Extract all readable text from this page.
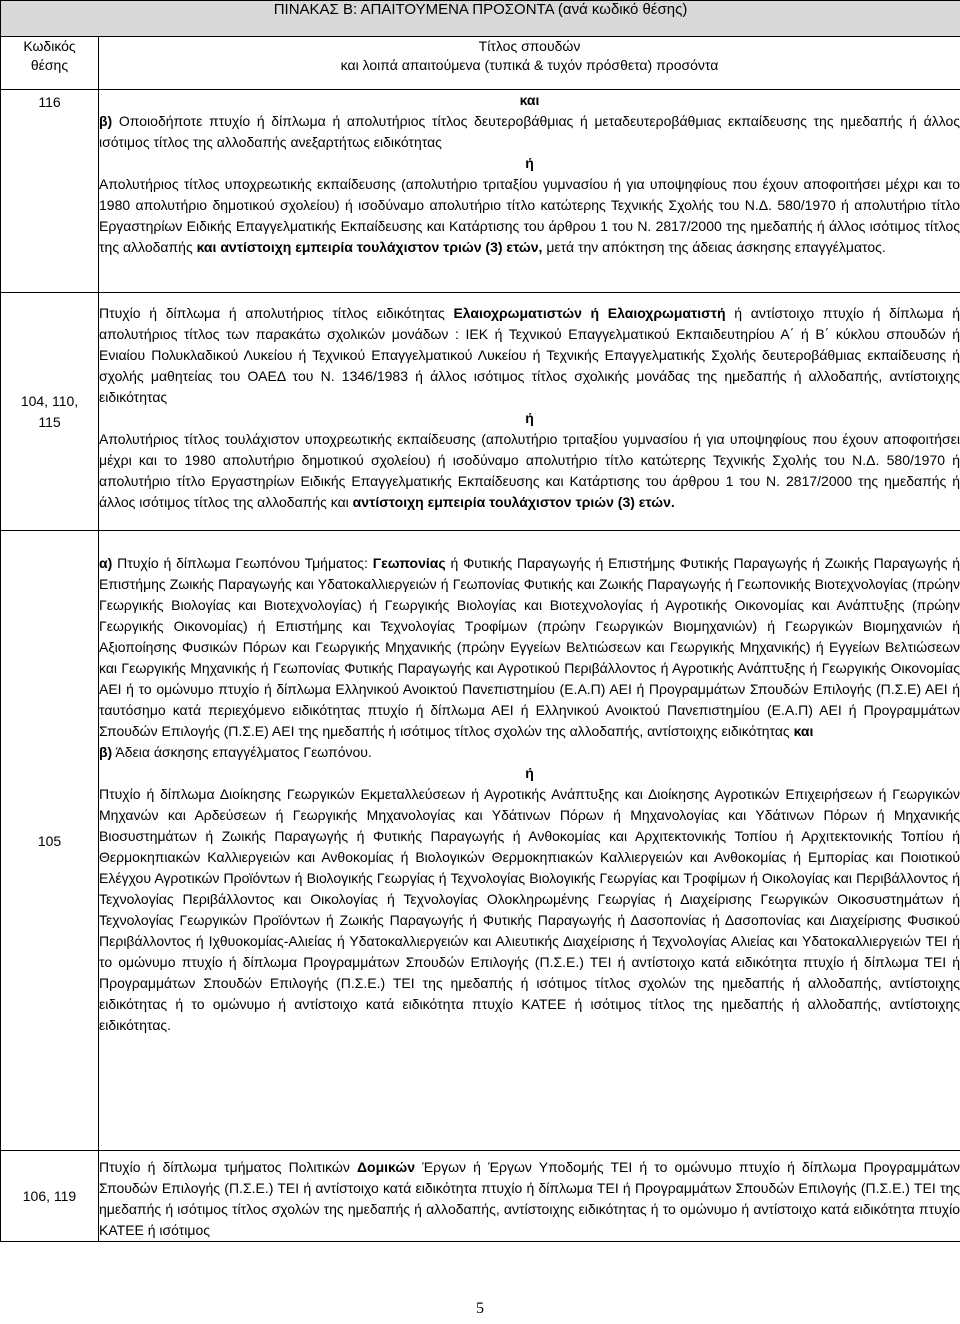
ΠΙΝΑΚΑΣ Β: ΑΠΑΙΤΟΥΜΕΝΑ ΠΡΟΣΟΝΤΑ (ανά κωδικό θέσης)	
Κωδικός
θέσης	Τίτλος σπουδών
και λοιπά απαιτούμενα (τυπικά & τυχόν πρόσθετα) προσόντα
116	και

β) Οποιοδήποτε πτυχίο ή δίπλωμα ή απολυτήριος τίτλος δευτεροβάθμιας ή μεταδευτεροβάθμιας εκπαίδευσης της ημεδαπής ή άλλος ισότιμος τίτλος της αλλοδαπής ανεξαρτήτως ειδικότητας

ή

Απολυτήριος τίτλος υποχρεωτικής εκπαίδευσης (απολυτήριο τριταξίου γυμνασίου ή για υποψηφίους που έχουν αποφοιτήσει μέχρι και το 1980 απολυτήριο δημοτικού σχολείου) ή ισοδύναμο απολυτήριο τίτλο κατώτερης Τεχνικής Σχολής του Ν.Δ. 580/1970 ή απολυτήριο τίτλο Εργαστηρίων Ειδικής Επαγγελματικής Εκπαίδευσης και Κατάρτισης του άρθρου 1 του Ν. 2817/2000 της ημεδαπής ή άλλος ισότιμος τίτλος της αλλοδαπής και αντίστοιχη εμπειρία τουλάχιστον τριών (3) ετών, μετά την απόκτηση της άδειας άσκησης επαγγέλματος.

104, 110, 115	Πτυχίο ή δίπλωμα ή απολυτήριος τίτλος ειδικότητας Ελαιοχρωματιστών ή Ελαιοχρωματιστή ή αντίστοιχο πτυχίο ή δίπλωμα ή απολυτήριος τίτλος των παρακάτω σχολικών μονάδων : ΙΕΚ ή Τεχνικού Επαγγελματικού Εκπαιδευτηρίου Α΄ ή Β΄ κύκλου σπουδών ή Ενιαίου Πολυκλαδικού Λυκείου ή Τεχνικού Επαγγελματικού Λυκείου ή Τεχνικής Επαγγελματικής Σχολής δευτεροβάθμιας εκπαίδευσης ή σχολής μαθητείας του ΟΑΕΔ του Ν. 1346/1983 ή άλλος ισότιμος τίτλος σχολικής μονάδας της ημεδαπής ή αλλοδαπής, αντίστοιχης ειδικότητας

ή

Απολυτήριος τίτλος τουλάχιστον υποχρεωτικής εκπαίδευσης (απολυτήριο τριταξίου γυμνασίου ή για υποψηφίους που έχουν αποφοιτήσει μέχρι και το 1980 απολυτήριο δημοτικού σχολείου) ή ισοδύναμο απολυτήριο τίτλο κατώτερης Τεχνικής Σχολής του Ν.Δ. 580/1970 ή απολυτήριο τίτλο Εργαστηρίων Ειδικής Επαγγελματικής Εκπαίδευσης και Κατάρτισης του άρθρου 1 του Ν. 2817/2000 της ημεδαπής ή άλλος ισότιμος τίτλος της αλλοδαπής και αντίστοιχη εμπειρία τουλάχιστον τριών (3) ετών.

105	α) Πτυχίο ή δίπλωμα Γεωπόνου Τμήματος: Γεωπονίας ή Φυτικής Παραγωγής ή Επιστήμης Φυτικής Παραγωγής ή Ζωικής Παραγωγής ή Επιστήμης Ζωικής Παραγωγής και Υδατοκαλλιεργειών ή Γεωπονίας Φυτικής και Ζωικής Παραγωγής ή Γεωπονικής Βιοτεχνολογίας (πρώην Γεωργικής Βιολογίας και Βιοτεχνολογίας) ή Γεωργικής Βιολογίας και Βιοτεχνολογίας ή Αγροτικής Οικονομίας και Ανάπτυξης (πρώην Γεωργικής Οικονομίας) ή Επιστήμης και Τεχνολογίας Τροφίμων (πρώην Γεωργικών Βιομηχανιών) ή Γεωργικών Βιομηχανιών ή Αξιοποίησης Φυσικών Πόρων και Γεωργικής Μηχανικής (πρώην Εγγείων Βελτιώσεων και Γεωργικής Μηχανικής) ή Εγγείων Βελτιώσεων και Γεωργικής Μηχανικής ή Γεωπονίας Φυτικής Παραγωγής και Αγροτικού Περιβάλλοντος ή Αγροτικής Ανάπτυξης ή Γεωργικής Οικονομίας ΑΕΙ ή το ομώνυμο πτυχίο ή δίπλωμα Ελληνικού Ανοικτού Πανεπιστημίου (Ε.Α.Π) ΑΕΙ ή Προγραμμάτων Σπουδών Επιλογής (Π.Σ.Ε) ΑΕΙ ή ταυτόσημο κατά περιεχόμενο ειδικότητας πτυχίο ή δίπλωμα ΑΕΙ ή Ελληνικού Ανοικτού Πανεπιστημίου (Ε.Α.Π) ΑΕΙ ή Προγραμμάτων Σπουδών Επιλογής (Π.Σ.Ε) ΑΕΙ της ημεδαπής ή ισότιμος τίτλος σχολών της αλλοδαπής, αντίστοιχης ειδικότητας και

β) Άδεια άσκησης επαγγέλματος Γεωπόνου.

ή

Πτυχίο ή δίπλωμα Διοίκησης Γεωργικών Εκμεταλλεύσεων ή Αγροτικής Ανάπτυξης και Διοίκησης Αγροτικών Επιχειρήσεων ή Γεωργικών Μηχανών και Αρδεύσεων ή Γεωργικής Μηχανολογίας και Υδάτινων Πόρων ή Μηχανολογίας και Υδάτινων Πόρων ή Μηχανικής Βιοσυστημάτων ή Ζωικής Παραγωγής ή Φυτικής Παραγωγής ή Ανθοκομίας και Αρχιτεκτονικής Τοπίου ή Αρχιτεκτονικής Τοπίου ή Θερμοκηπιακών Καλλιεργειών και Ανθοκομίας ή Βιολογικών Θερμοκηπιακών Καλλιεργειών και Ανθοκομίας ή Εμπορίας και Ποιοτικού Ελέγχου Αγροτικών Προϊόντων ή Βιολογικής Γεωργίας ή Τεχνολογίας Βιολογικής Γεωργίας και Τροφίμων ή Οικολογίας και Περιβάλλοντος ή Τεχνολογίας Περιβάλλοντος και Οικολογίας ή Τεχνολογίας Ολοκληρωμένης Γεωργίας ή Διαχείρισης Γεωργικών Οικοσυστημάτων ή Τεχνολογίας Γεωργικών Προϊόντων ή Ζωικής Παραγωγής ή Φυτικής Παραγωγής ή Δασοπονίας ή Δασοπονίας και Διαχείρισης Φυσικού Περιβάλλοντος ή Ιχθυοκομίας-Αλιείας ή Υδατοκαλλιεργειών και Αλιευτικής Διαχείρισης ή Τεχνολογίας Αλιείας και Υδατοκαλλιεργειών ΤΕΙ ή το ομώνυμο πτυχίο ή δίπλωμα Προγραμμάτων Σπουδών Επιλογής (Π.Σ.Ε.) ΤΕΙ ή αντίστοιχο κατά ειδικότητα πτυχίο ή δίπλωμα ΤΕΙ ή Προγραμμάτων Σπουδών Επιλογής (Π.Σ.Ε.) ΤΕΙ της ημεδαπής ή ισότιμος τίτλος σχολών της ημεδαπής ή αλλοδαπής, αντίστοιχης ειδικότητας ή το ομώνυμο ή αντίστοιχο κατά ειδικότητα πτυχίο ΚΑΤΕΕ ή ισότιμος τίτλος της ημεδαπής ή αλλοδαπής, αντίστοιχης ειδικότητας.

106, 119	Πτυχίο ή δίπλωμα τμήματος Πολιτικών Δομικών Έργων ή Έργων Υποδομής ΤΕΙ ή το ομώνυμο πτυχίο ή δίπλωμα Προγραμμάτων Σπουδών Επιλογής (Π.Σ.Ε.) ΤΕΙ ή αντίστοιχο κατά ειδικότητα πτυχίο ή δίπλωμα ΤΕΙ ή Προγραμμάτων Σπουδών Επιλογής (Π.Σ.Ε.) ΤΕΙ της ημεδαπής ή ισότιμος τίτλος σχολών της ημεδαπής ή αλλοδαπής, αντίστοιχης ειδικότητας ή το ομώνυμο ή αντίστοιχο κατά ειδικότητα πτυχίο ΚΑΤΕΕ ή ισότιμος

5
